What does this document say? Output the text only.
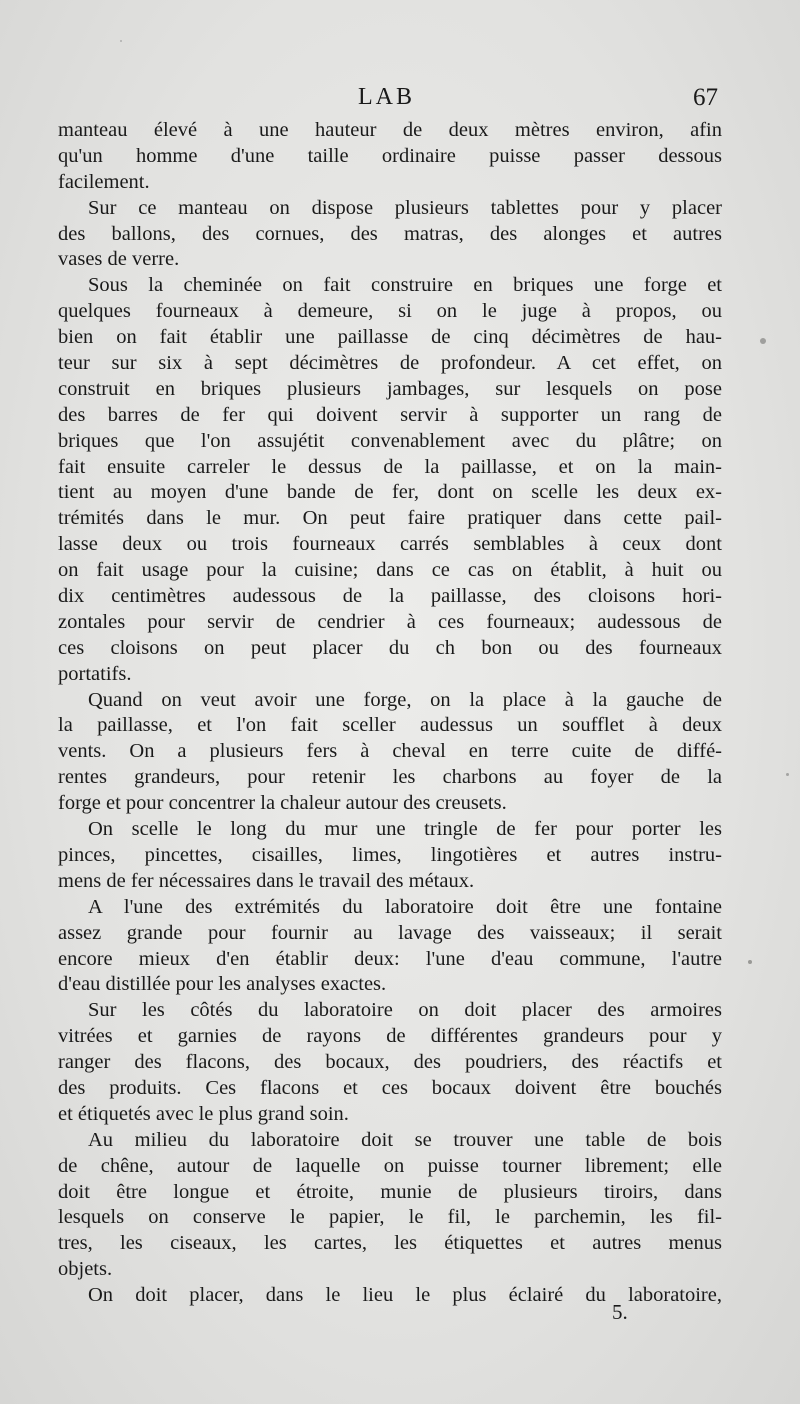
LAB	67
manteau élevé à une hauteur de deux mètres environ, afin
qu'un homme d'une taille ordinaire puisse passer dessous
facilement.
Sur ce manteau on dispose plusieurs tablettes pour y placer
des ballons, des cornues, des matras, des alonges et autres
vases de verre.
Sous la cheminée on fait construire en briques une forge et
quelques fourneaux à demeure, si on le juge à propos, ou
bien on fait établir une paillasse de cinq décimètres de hau-
teur sur six à sept décimètres de profondeur. A cet effet, on
construit en briques plusieurs jambages, sur lesquels on pose
des barres de fer qui doivent servir à supporter un rang de
briques que l'on assujétit convenablement avec du plâtre; on
fait ensuite carreler le dessus de la paillasse, et on la main-
tient au moyen d'une bande de fer, dont on scelle les deux ex-
trémités dans le mur. On peut faire pratiquer dans cette pail-
lasse deux ou trois fourneaux carrés semblables à ceux dont
on fait usage pour la cuisine; dans ce cas on établit, à huit ou
dix centimètres audessous de la paillasse, des cloisons hori-
zontales pour servir de cendrier à ces fourneaux; audessous de
ces cloisons on peut placer du ch bon ou des fourneaux
portatifs.
Quand on veut avoir une forge, on la place à la gauche de
la paillasse, et l'on fait sceller audessus un soufflet à deux
vents. On a plusieurs fers à cheval en terre cuite de diffé-
rentes grandeurs, pour retenir les charbons au foyer de la
forge et pour concentrer la chaleur autour des creusets.
On scelle le long du mur une tringle de fer pour porter les
pinces, pincettes, cisailles, limes, lingotières et autres instru-
mens de fer nécessaires dans le travail des métaux.
A l'une des extrémités du laboratoire doit être une fontaine
assez grande pour fournir au lavage des vaisseaux; il serait
encore mieux d'en établir deux: l'une d'eau commune, l'autre
d'eau distillée pour les analyses exactes.
Sur les côtés du laboratoire on doit placer des armoires
vitrées et garnies de rayons de différentes grandeurs pour y
ranger des flacons, des bocaux, des poudriers, des réactifs et
des produits. Ces flacons et ces bocaux doivent être bouchés
et étiquetés avec le plus grand soin.
Au milieu du laboratoire doit se trouver une table de bois
de chêne, autour de laquelle on puisse tourner librement; elle
doit être longue et étroite, munie de plusieurs tiroirs, dans
lesquels on conserve le papier, le fil, le parchemin, les fil-
tres, les ciseaux, les cartes, les étiquettes et autres menus
objets.
On doit placer, dans le lieu le plus éclairé du laboratoire,
5.
